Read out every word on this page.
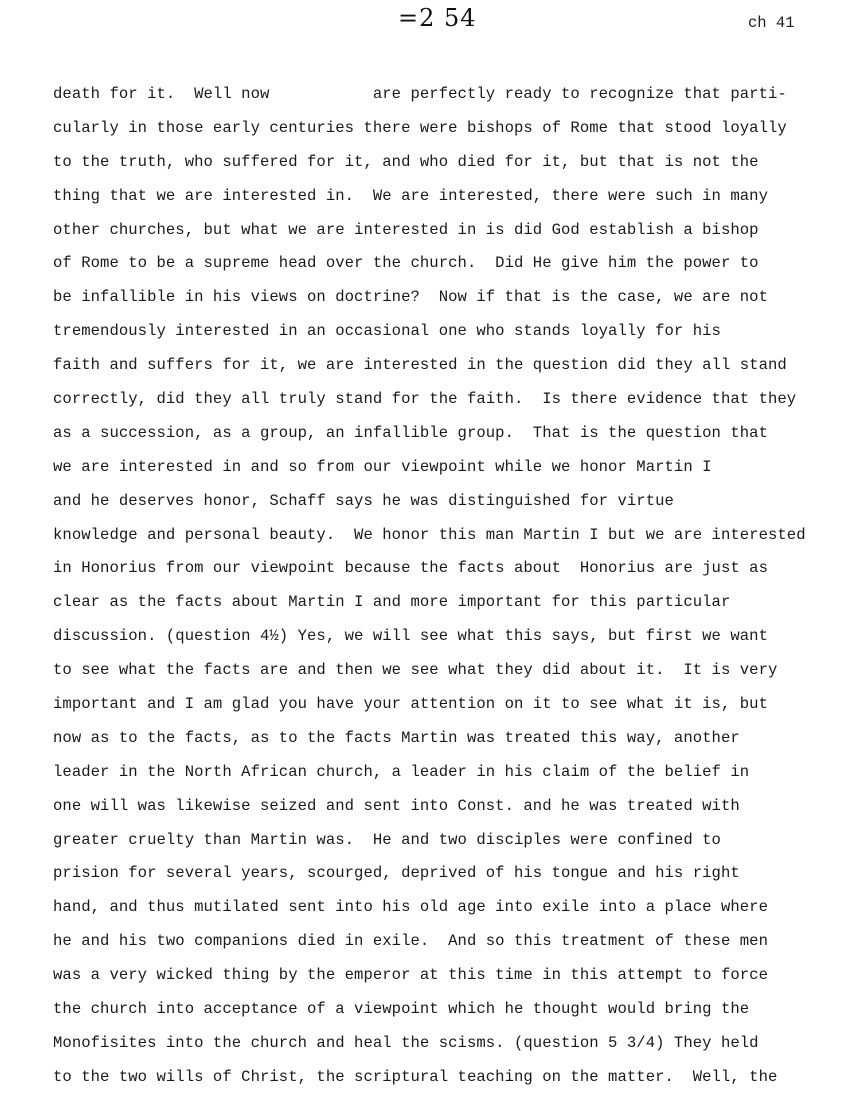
=2 54	ch 41
death for it.  Well now           are perfectly ready to recognize that parti-
cularly in those early centuries there were bishops of Rome that stood loyally
to the truth, who suffered for it, and who died for it, but that is not the
thing that we are interested in.  We are interested, there were such in many
other churches, but what we are interested in is did God establish a bishop
of Rome to be a supreme head over the church.  Did He give him the power to
be infallible in his views on doctrine?  Now if that is the case, we are not
tremendously interested in an occasional one who stands loyally for his
faith and suffers for it, we are interested in the question did they all stand
correctly, did they all truly stand for the faith.  Is there evidence that they
as a succession, as a group, an infallible group.  That is the question that
we are interested in and so from our viewpoint while we honor Martin I
and he deserves honor, Schaff says he was distinguished for virtue
knowledge and personal beauty.  We honor this man Martin I but we are interested
in Honorius from our viewpoint because the facts about  Honorius are just as
clear as the facts about Martin I and more important for this particular
discussion. (question 4½) Yes, we will see what this says, but first we want
to see what the facts are and then we see what they did about it.  It is very
important and I am glad you have your attention on it to see what it is, but
now as to the facts, as to the facts Martin was treated this way, another
leader in the North African church, a leader in his claim of the belief in
one will was likewise seized and sent into Const. and he was treated with
greater cruelty than Martin was.  He and two disciples were confined to
prision for several years, scourged, deprived of his tongue and his right
hand, and thus mutilated sent into his old age into exile into a place where
he and his two companions died in exile.  And so this treatment of these men
was a very wicked thing by the emperor at this time in this attempt to force
the church into acceptance of a viewpoint which he thought would bring the
Monofisites into the church and heal the scisms. (question 5 3/4) They held
to the two wills of Christ, the scriptural teaching on the matter.  Well, the
